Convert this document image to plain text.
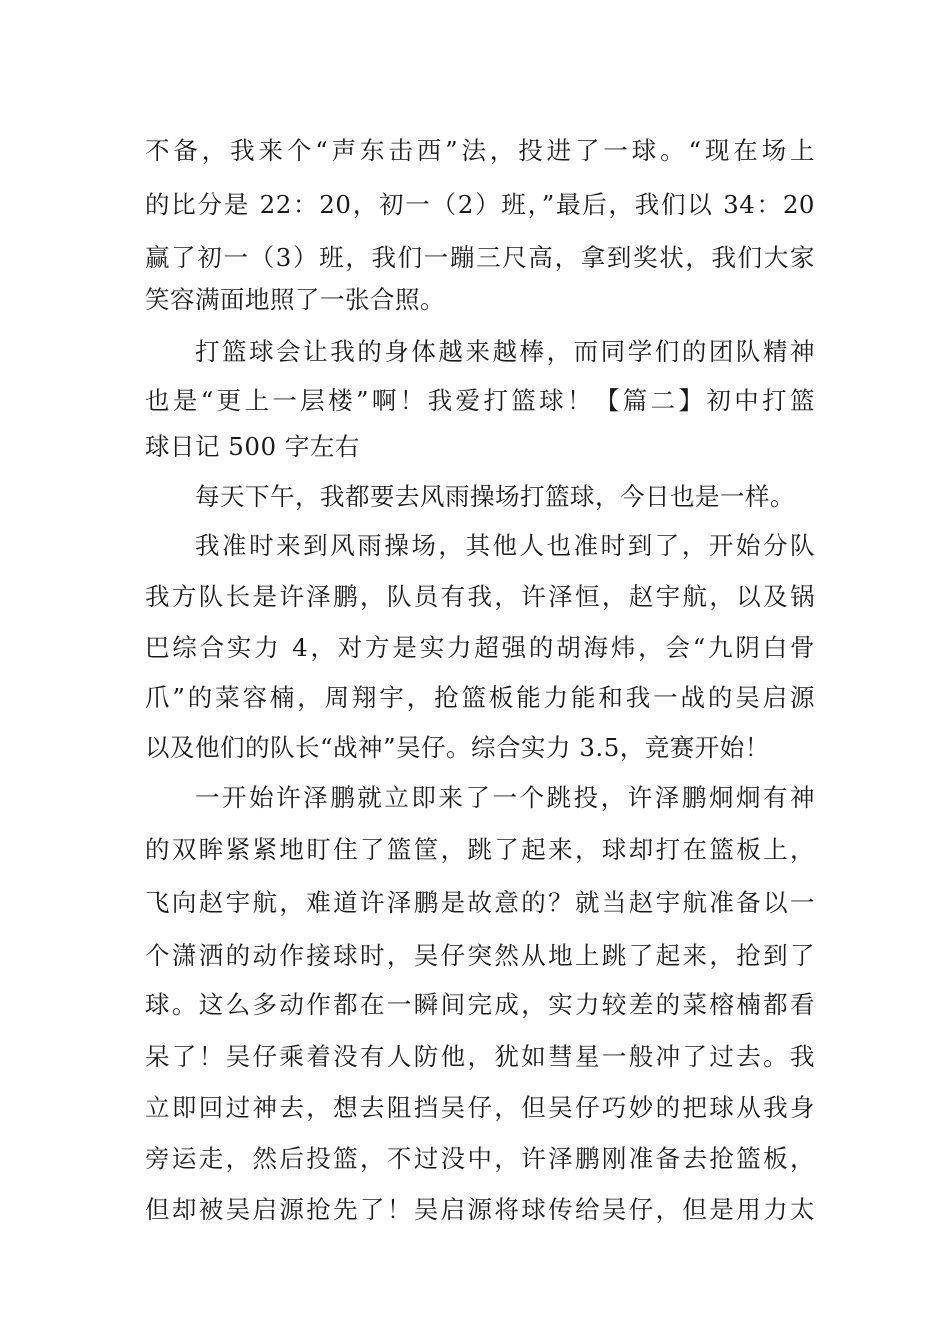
不备，我来个“声东击西”法，投进了一球。“现在场上
的比分是 22：20，初一（2）班，”最后，我们以 34：20
赢了初一（3）班，我们一蹦三尺高，拿到奖状，我们大家
笑容满面地照了一张合照。
打篮球会让我的身体越来越棒，而同学们的团队精神
也是“更上一层楼”啊！我爱打篮球！【篇二】初中打篮
球日记 500 字左右
每天下午，我都要去风雨操场打篮球，今日也是一样。
我准时来到风雨操场，其他人也准时到了，开始分队
我方队长是许泽鹏，队员有我，许泽恒，赵宇航，以及锅
巴综合实力 4，对方是实力超强的胡海炜，会“九阴白骨
爪”的菜容楠，周翔宇，抢篮板能力能和我一战的吴启源
以及他们的队长“战神”吴仔。综合实力 3.5，竞赛开始！
一开始许泽鹏就立即来了一个跳投，许泽鹏炯炯有神
的双眸紧紧地盯住了篮筐，跳了起来，球却打在篮板上，
飞向赵宇航，难道许泽鹏是故意的？就当赵宇航准备以一
个潇洒的动作接球时，吴仔突然从地上跳了起来，抢到了
球。这么多动作都在一瞬间完成，实力较差的菜榕楠都看
呆了！吴仔乘着没有人防他，犹如彗星一般冲了过去。我
立即回过神去，想去阻挡吴仔，但吴仔巧妙的把球从我身
旁运走，然后投篮，不过没中，许泽鹏刚准备去抢篮板，
但却被吴启源抢先了！吴启源将球传给吴仔，但是用力太
